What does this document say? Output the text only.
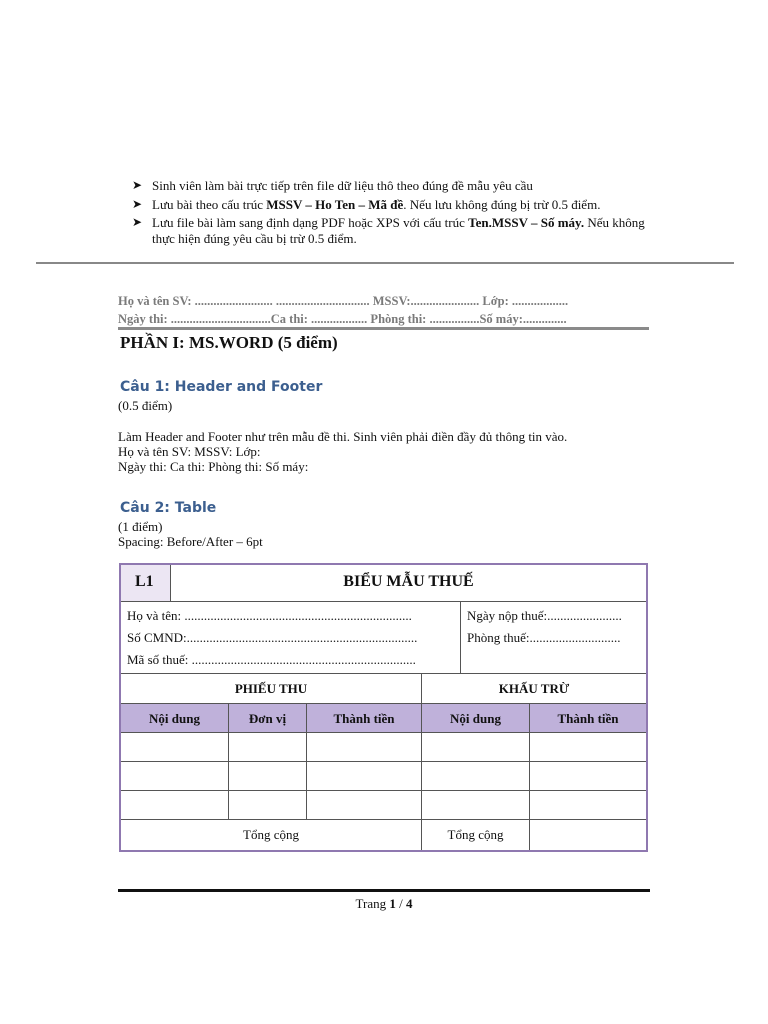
➤ Sinh viên làm bài trực tiếp trên file dữ liệu thô theo đúng đề mẫu yêu cầu
➤ Lưu bài theo cấu trúc MSSV – Ho Ten – Mã đề. Nếu lưu không đúng bị trừ 0.5 điểm.
➤ Lưu file bài làm sang định dạng PDF hoặc XPS với cấu trúc Ten.MSSV – Số máy. Nếu không thực hiện đúng yêu cầu bị trừ 0.5 điểm.
Họ và tên SV: ......................... .............................. MSSV:...................... Lớp: ..................
Ngày thi: ................................Ca thi: .................. Phòng thi: ................Số máy:..............
PHẦN I: MS.WORD (5 điểm)
Câu 1: Header and Footer
(0.5 điểm)
Làm Header and Footer như trên mẫu đề thi. Sinh viên phải điền đầy đủ thông tin vào.
Họ và tên SV: MSSV: Lớp:
Ngày thi: Ca thi: Phòng thi: Số máy:
Câu 2: Table
(1 điểm)
Spacing: Before/After – 6pt
L1	BIỂU MẪU THUẾ
Họ và tên: ......................................................................
Số CMND:.......................................................................
Mã số thuế: .....................................................................
Ngày nộp thuế:.......................
Phòng thuế:............................
PHIẾU THU	KHẤU TRỪ
Nội dung	Đơn vị	Thành tiền	Nội dung	Thành tiền
Tổng cộng	Tổng cộng
Trang 1 / 4
